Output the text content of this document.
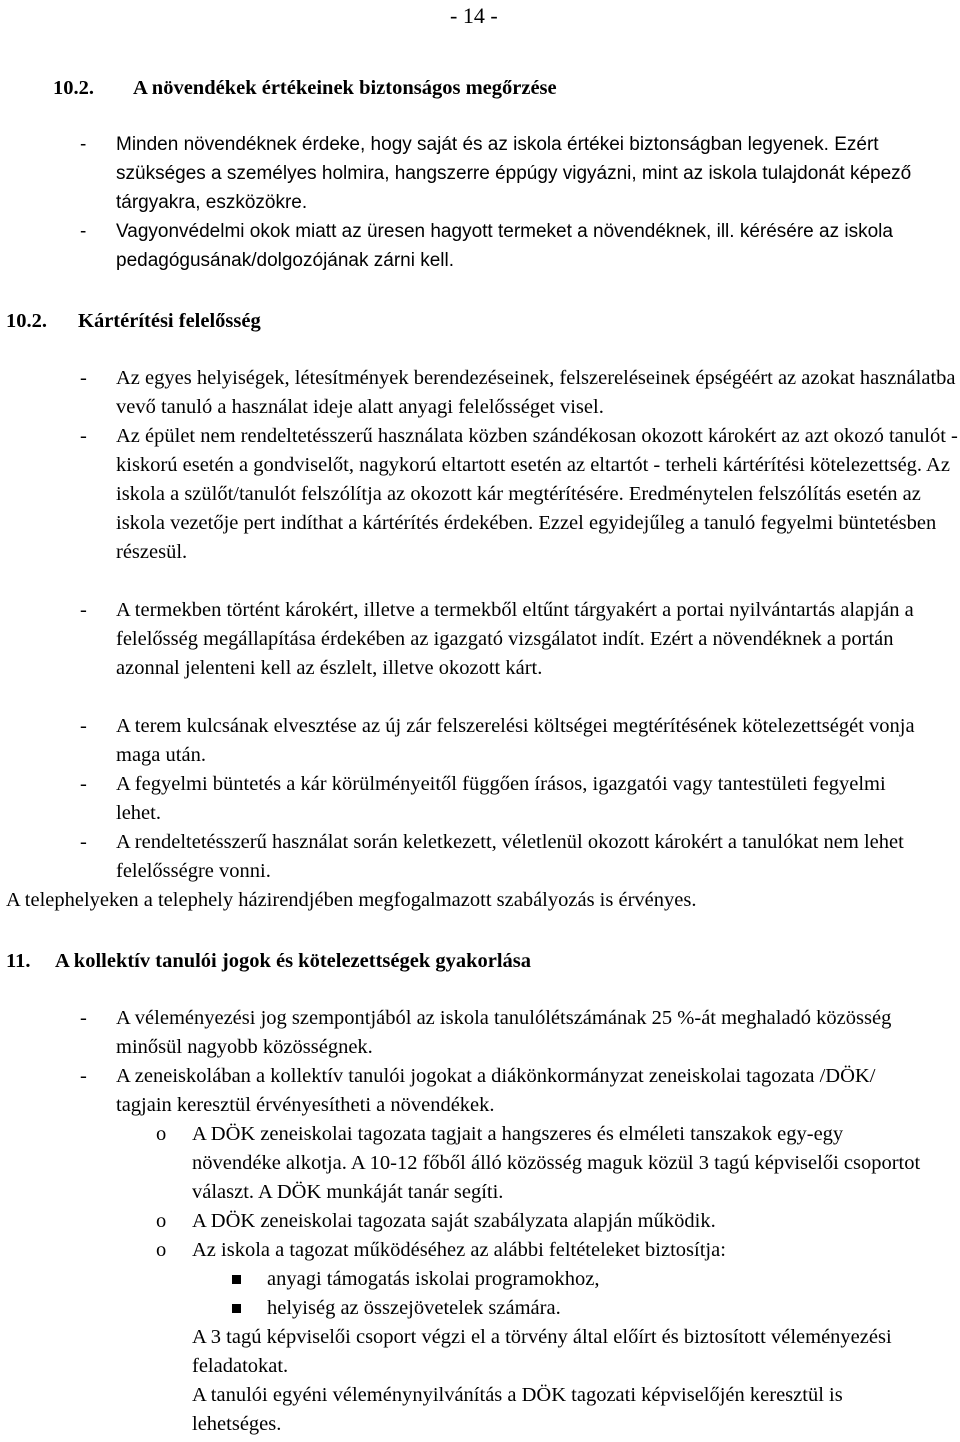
- 14 -
10.2. A növendékek értékeinek biztonságos megőrzése
-	Minden növendéknek érdeke, hogy saját és az iskola értékei biztonságban legyenek. Ezért szükséges a személyes holmira, hangszerre éppúgy vigyázni, mint az iskola tulajdonát képező tárgyakra, eszközökre.
-	Vagyonvédelmi okok miatt az üresen hagyott termeket a növendéknek, ill. kérésére az iskola pedagógusának/dolgozójának zárni kell.
10.2. Kártérítési felelősség
- Az egyes helyiségek, létesítmények berendezéseinek, felszereléseinek épségéért az azokat használatba vevő tanuló a használat ideje alatt anyagi felelősséget visel.
- Az épület nem rendeltetésszerű használata közben szándékosan okozott károkért az azt okozó tanulót - kiskorú esetén a gondviselőt, nagykorú eltartott esetén az eltartót - terheli kártérítési kötelezettség. Az iskola a szülőt/tanulót felszólítja az okozott kár megtérítésére. Eredménytelen felszólítás esetén az iskola vezetője pert indíthat a kártérítés érdekében. Ezzel egyidejűleg a tanuló fegyelmi büntetésben részesül.
- A termekben történt károkért, illetve a termekből eltűnt tárgyakért a portai nyilvántartás alapján a felelősség megállapítása érdekében az igazgató vizsgálatot indít. Ezért a növendéknek a portán azonnal jelenteni kell az észlelt, illetve okozott kárt.
- A terem kulcsának elvesztése az új zár felszerelési költségei megtérítésének kötelezettségét vonja maga után.
- A fegyelmi büntetés a kár körülményeitől függően írásos, igazgatói vagy tantestületi fegyelmi lehet.
- A rendeltetésszerű használat során keletkezett, véletlenül okozott károkért a tanulókat nem lehet felelősségre vonni.
A telephelyeken a telephely házirendjében megfogalmazott szabályozás is érvényes.
11. A kollektív tanulói jogok és kötelezettségek gyakorlása
- A véleményezési jog szempontjából az iskola tanulólétszámának 25 %-át meghaladó közösség minősül nagyobb közösségnek.
- A zeneiskolában a kollektív tanulói jogokat a diákönkormányzat zeneiskolai tagozata /DÖK/ tagjain keresztül érvényesítheti a növendékek.
o A DÖK zeneiskolai tagozata tagjait a hangszeres és elméleti tanszakok egy-egy növendéke alkotja. A 10-12 főből álló közösség maguk közül 3 tagú képviselői csoportot választ. A DÖK munkáját tanár segíti.
o A DÖK zeneiskolai tagozata saját szabályzata alapján működik.
o Az iskola a tagozat működéséhez az alábbi feltételeket biztosítja:
anyagi támogatás iskolai programokhoz,
helyiség az összejövetelek számára.
A 3 tagú képviselői csoport végzi el a törvény által előírt és biztosított véleményezési feladatokat.
A tanulói egyéni véleménynyilvánítás a DÖK tagozati képviselőjén keresztül is lehetséges.
